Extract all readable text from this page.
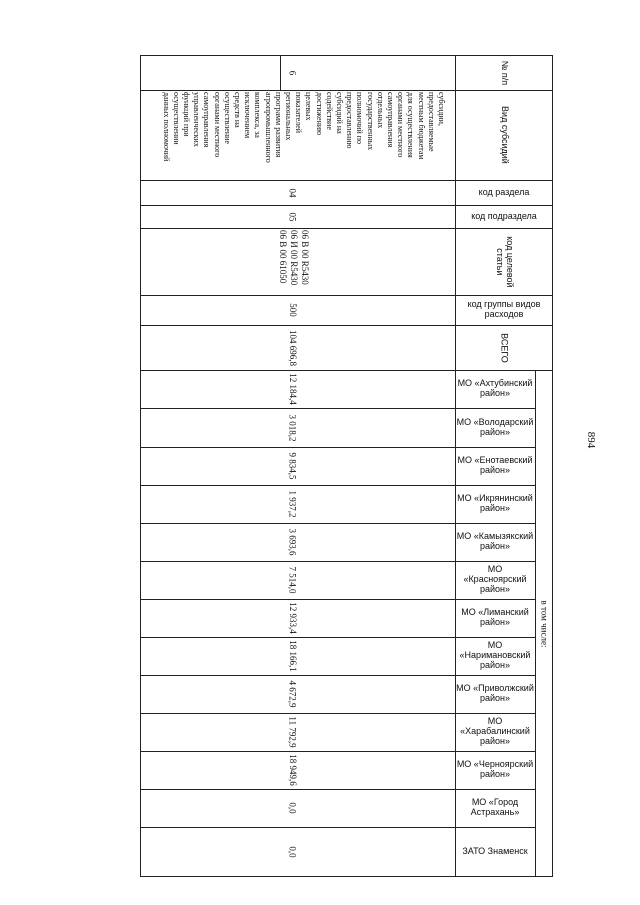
894
№ п/п
Вид субсидий
код раздела
код подраздела
код целевой статьи
код группы видов расходов
ВСЕГО
в том числе:
МО «Ахтубинский район»
МО «Володарский район»
МО «Енотаевский район»
МО «Икрянинский район»
МО «Камызякский район»
МО «Красноярский район»
МО «Лиманский район»
МО «Наримановский район»
МО «Приволжский район»
МО «Харабалинский район»
МО «Черноярский район»
МО «Город Астрахань»
ЗАТО Знаменск
6
субсидии,
предоставляемые
местным бюджетам
для осуществления
органами местного
самоуправления
отдельных
государственных
полномочий по
предоставлению
субсидий на
содействие
достижению
целевых
показателей
региональных
программ развития
агропромышленного
комплекса, за
исключением
средств на
осуществление
органами местного
самоуправления
управленческих
функций при
осуществлении
данных полномочий
04
05
06 В 00 R5430
06 И 00 R5430
06 В 00 61050
500
104 696,8
12 184,4
3 018,2
9 834,5
1 937,2
3 693,6
7 514,0
12 933,4
18 166,1
4 672,9
11 792,9
18 949,6
0,0
0,0
